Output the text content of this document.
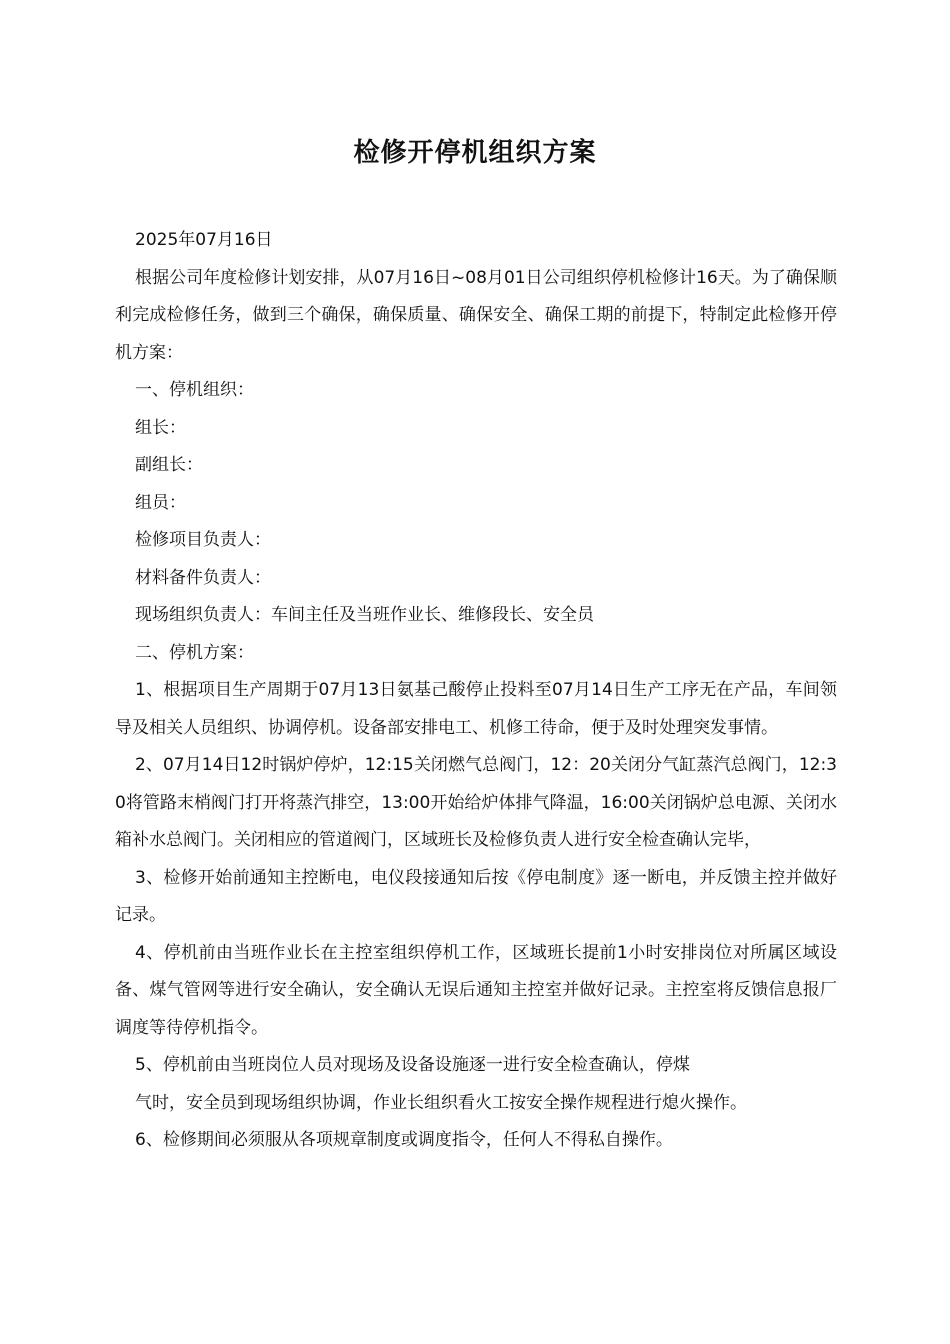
检修开停机组织方案

2025年07月16日

根据公司年度检修计划安排，从07月16日~08月01日公司组织停机检修计16天。为了确保顺利完成检修任务，做到三个确保，确保质量、确保安全、确保工期的前提下，特制定此检修开停机方案：

一、停机组织：

组长：

副组长：

组员：

检修项目负责人：

材料备件负责人：

现场组织负责人：车间主任及当班作业长、维修段长、安全员

二、停机方案：

1、根据项目生产周期于07月13日氨基己酸停止投料至07月14日生产工序无在产品，车间领导及相关人员组织、协调停机。设备部安排电工、机修工待命，便于及时处理突发事情。

2、07月14日12时锅炉停炉，12:15关闭燃气总阀门，12：20关闭分气缸蒸汽总阀门，12:30将管路末梢阀门打开将蒸汽排空，13:00开始给炉体排气降温，16:00关闭锅炉总电源、关闭水箱补水总阀门。关闭相应的管道阀门，区域班长及检修负责人进行安全检查确认完毕，

3、检修开始前通知主控断电，电仪段接通知后按《停电制度》逐一断电，并反馈主控并做好记录。

4、停机前由当班作业长在主控室组织停机工作，区域班长提前1小时安排岗位对所属区域设备、煤气管网等进行安全确认，安全确认无误后通知主控室并做好记录。主控室将反馈信息报厂调度等待停机指令。

5、停机前由当班岗位人员对现场及设备设施逐一进行安全检查确认，停煤

气时，安全员到现场组织协调，作业长组织看火工按安全操作规程进行熄火操作。

6、检修期间必须服从各项规章制度或调度指令，任何人不得私自操作。
